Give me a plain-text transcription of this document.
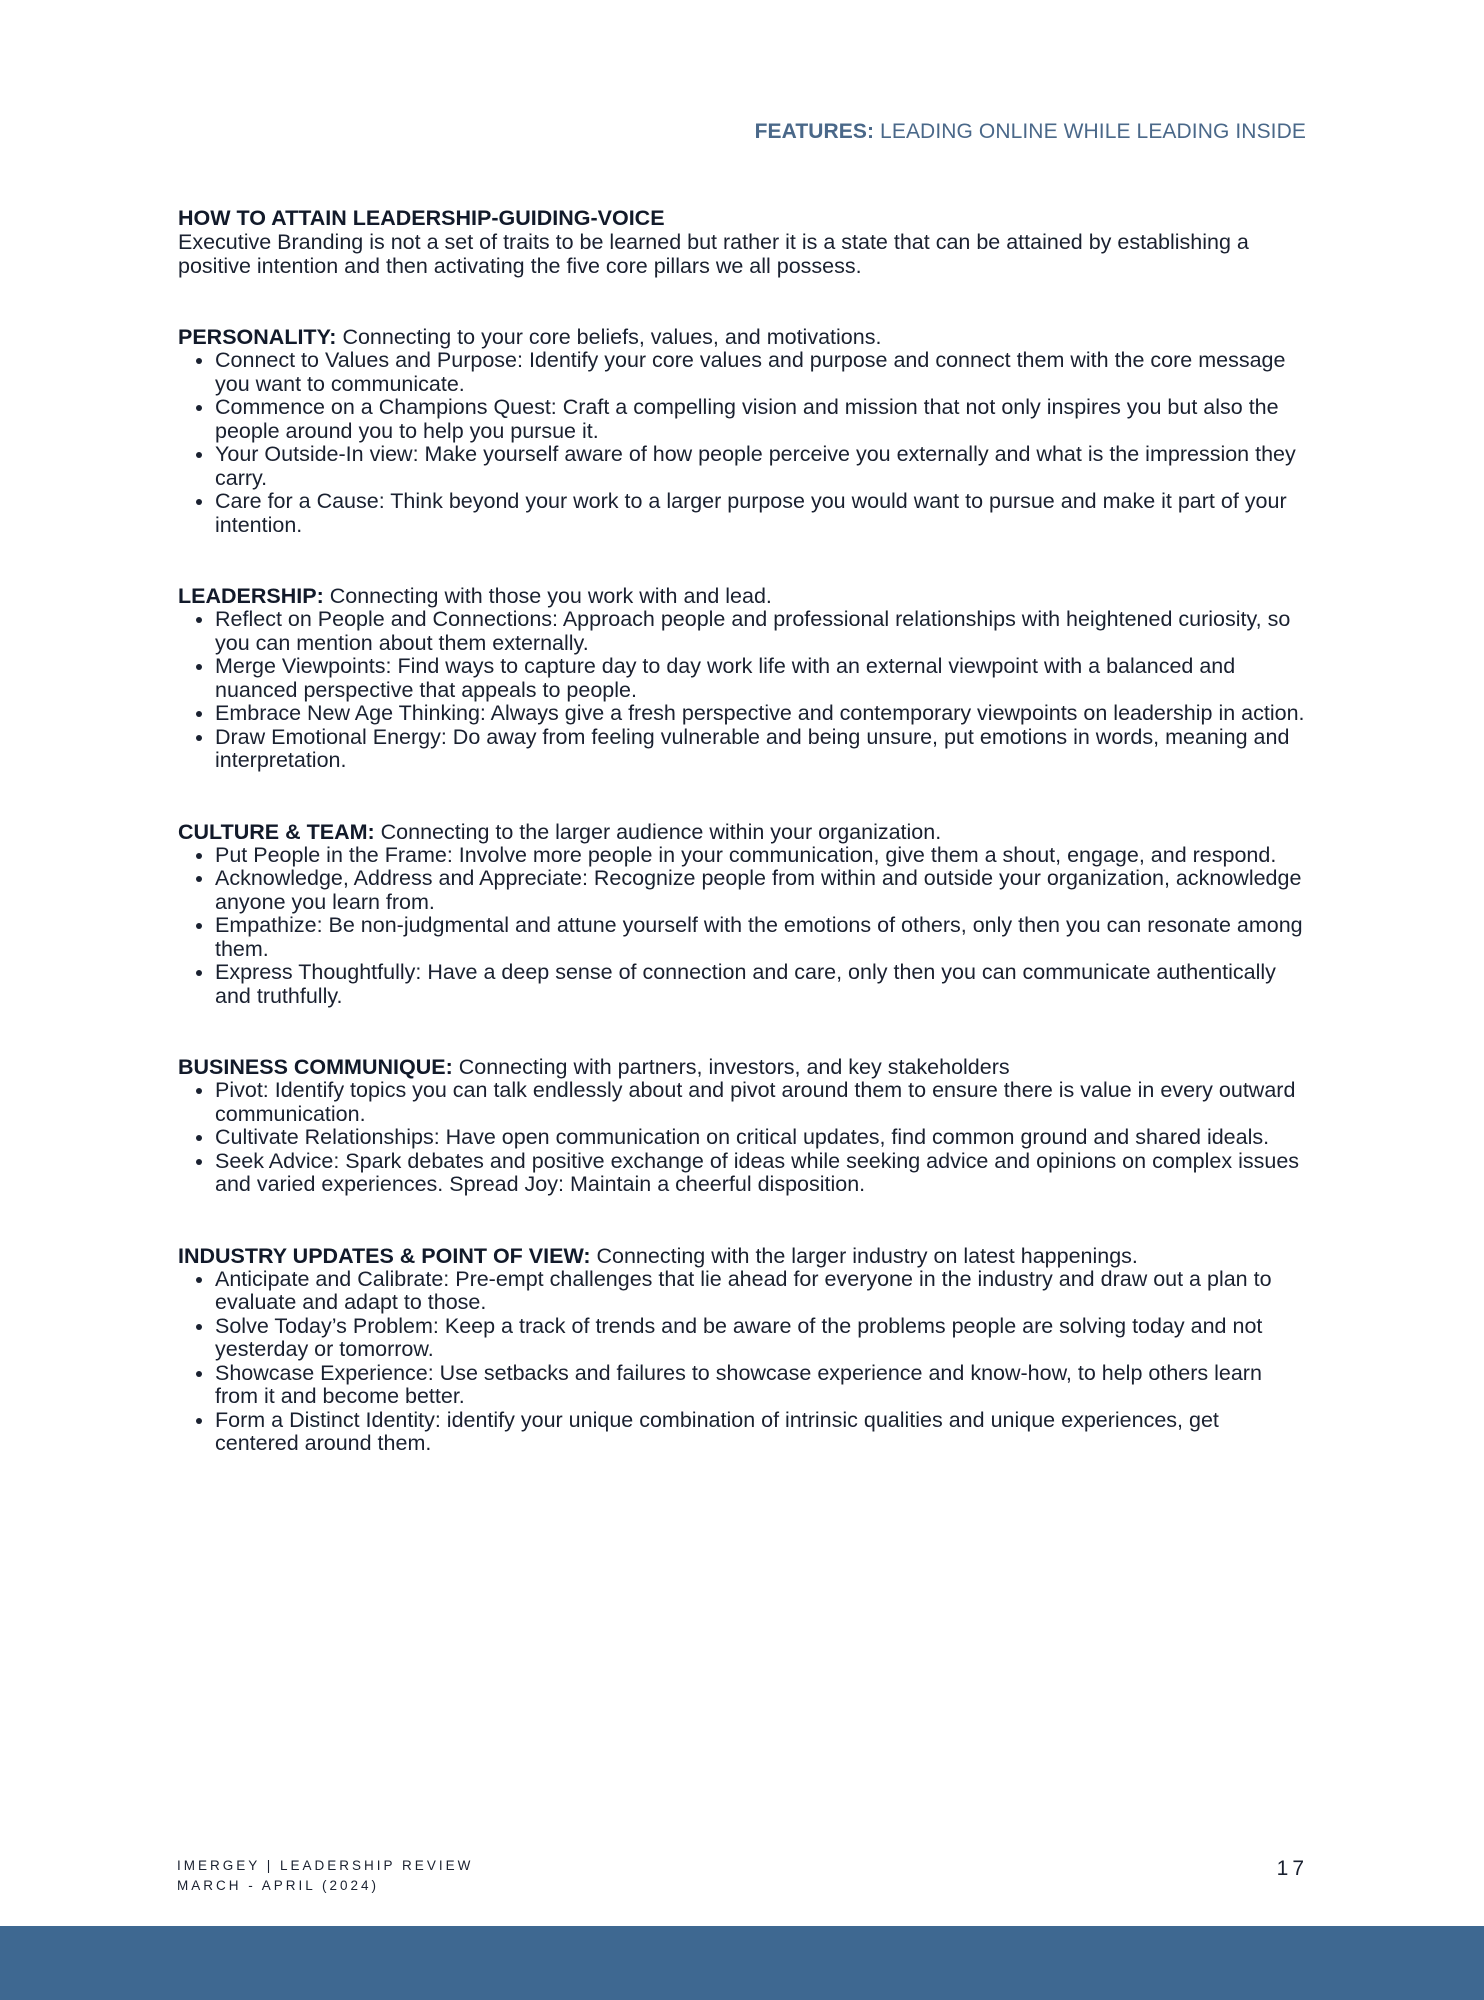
FEATURES: LEADING ONLINE WHILE LEADING INSIDE
HOW TO ATTAIN LEADERSHIP-GUIDING-VOICE
Executive Branding is not a set of traits to be learned but rather it is a state that can be attained by establishing a positive intention and then activating the five core pillars we all possess.
PERSONALITY: Connecting to your core beliefs, values, and motivations.
• Connect to Values and Purpose: Identify your core values and purpose and connect them with the core message you want to communicate.
• Commence on a Champions Quest: Craft a compelling vision and mission that not only inspires you but also the people around you to help you pursue it.
• Your Outside-In view: Make yourself aware of how people perceive you externally and what is the impression they carry.
• Care for a Cause: Think beyond your work to a larger purpose you would want to pursue and make it part of your intention.
LEADERSHIP: Connecting with those you work with and lead.
• Reflect on People and Connections: Approach people and professional relationships with heightened curiosity, so you can mention about them externally.
• Merge Viewpoints: Find ways to capture day to day work life with an external viewpoint with a balanced and nuanced perspective that appeals to people.
• Embrace New Age Thinking: Always give a fresh perspective and contemporary viewpoints on leadership in action.
• Draw Emotional Energy: Do away from feeling vulnerable and being unsure, put emotions in words, meaning and interpretation.
CULTURE & TEAM: Connecting to the larger audience within your organization.
• Put People in the Frame: Involve more people in your communication, give them a shout, engage, and respond.
• Acknowledge, Address and Appreciate: Recognize people from within and outside your organization, acknowledge anyone you learn from.
• Empathize: Be non-judgmental and attune yourself with the emotions of others, only then you can resonate among them.
• Express Thoughtfully: Have a deep sense of connection and care, only then you can communicate authentically and truthfully.
BUSINESS COMMUNIQUE: Connecting with partners, investors, and key stakeholders
• Pivot: Identify topics you can talk endlessly about and pivot around them to ensure there is value in every outward communication.
• Cultivate Relationships: Have open communication on critical updates, find common ground and shared ideals.
• Seek Advice: Spark debates and positive exchange of ideas while seeking advice and opinions on complex issues and varied experiences. Spread Joy: Maintain a cheerful disposition.
INDUSTRY UPDATES & POINT OF VIEW: Connecting with the larger industry on latest happenings.
• Anticipate and Calibrate: Pre-empt challenges that lie ahead for everyone in the industry and draw out a plan to evaluate and adapt to those.
• Solve Today’s Problem: Keep a track of trends and be aware of the problems people are solving today and not yesterday or tomorrow.
• Showcase Experience: Use setbacks and failures to showcase experience and know-how, to help others learn from it and become better.
• Form a Distinct Identity: identify your unique combination of intrinsic qualities and unique experiences, get centered around them.
IMERGEY | LEADERSHIP REVIEW
MARCH - APRIL (2024)
17
